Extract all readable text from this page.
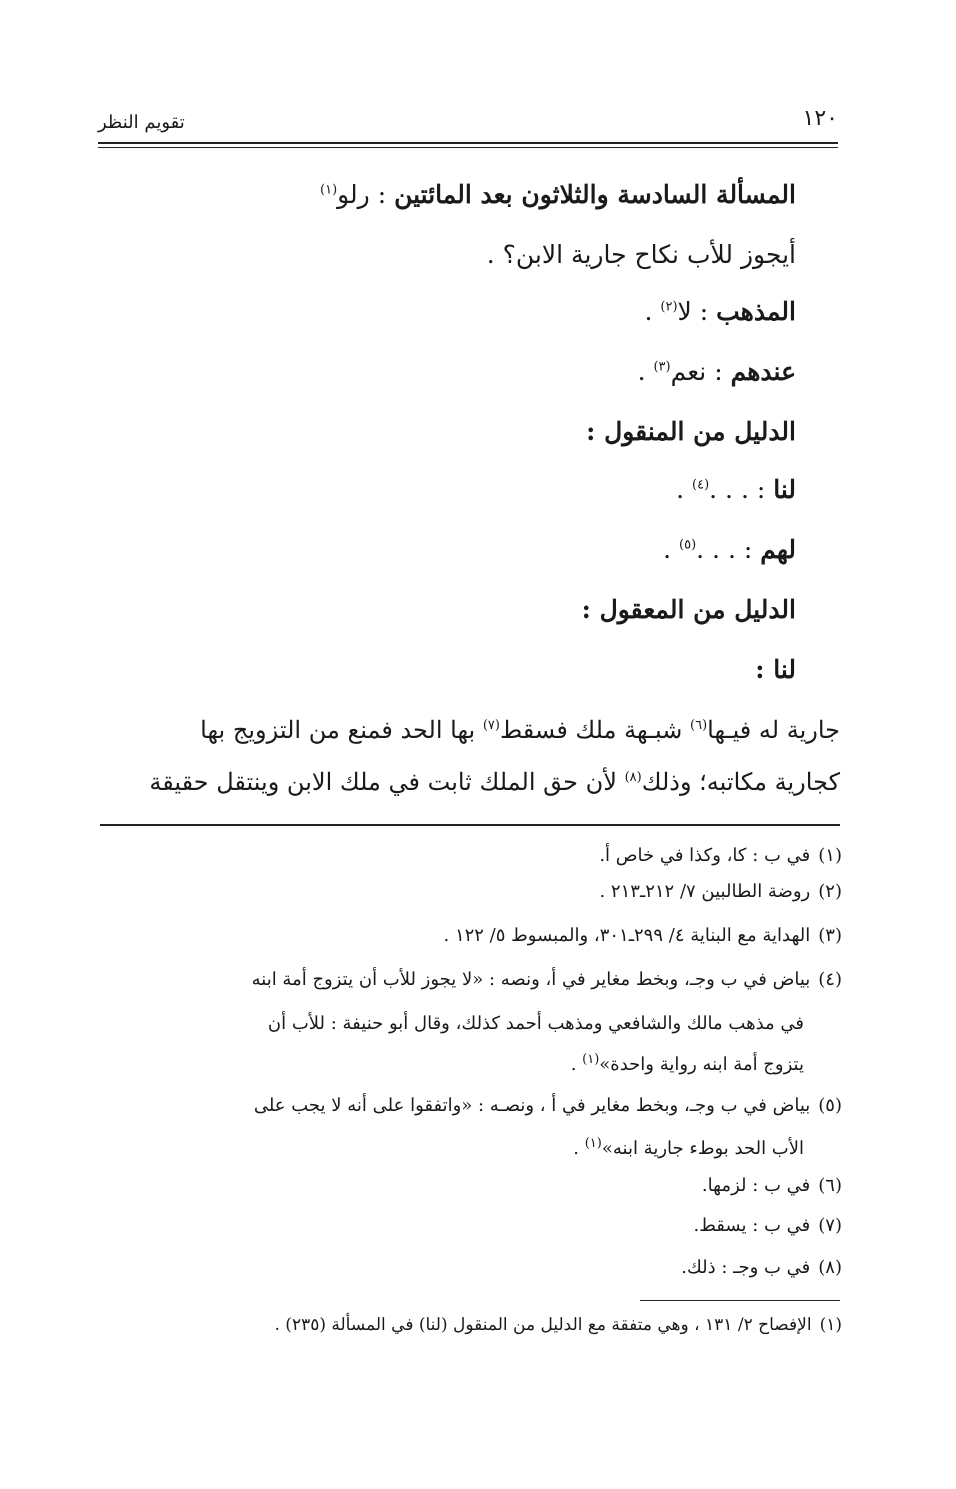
١٢٠
تقويم النظر
المسألة السادسة والثلاثون بعد المائتين : رلو$^{(١)}$
أيجوز للأب نكاح جارية الابن؟ .
المذهب : لا$^{(٢)}$ .
عندهم : نعم$^{(٣)}$ .
الدليل من المنقول :
لنا : . . .$^{(٤)}$ .
لهم : . . .$^{(٥)}$ .
الدليل من المعقول :
لنا :
جارية له فيـها$^{(٦)}$ شبـهة ملك فسقط$^{(٧)}$ بها الحد فمنع من التزويج بها
كجارية مكاتبه؛ وذلك$^{(٨)}$ لأن حق الملك ثابت في ملك الابن وينتقل حقيقة
(١)في ب : كا، وكذا في خاص أ.
(٢)روضة الطالبين ٧/ ٢١٢ـ٢١٣ .
(٣)الهداية مع البناية ٤/ ٢٩٩ـ٣٠١، والمبسوط ٥/ ١٢٢ .
(٤)بياض في ب وجـ، وبخط مغاير في أ، ونصه : «لا يجوز للأب أن يتزوج أمة ابنه
في مذهب مالك والشافعي ومذهب أحمد كذلك، وقال أبو حنيفة : للأب أن
يتزوج أمة ابنه رواية واحدة»$^{(١)}$ .
(٥)بياض في ب وجـ، وبخط مغاير في أ ، ونصـه : «واتفقوا على أنه لا يجب على
الأب الحد بوطء جارية ابنه»$^{(١)}$ .
(٦)في ب : لزمها.
(٧)في ب : يسقط.
(٨)في ب وجـ : ذلك.
(١)الإفصاح ٢/ ١٣١ ، وهي متفقة مع الدليل من المنقول (لنا) في المسألة (٢٣٥) .
